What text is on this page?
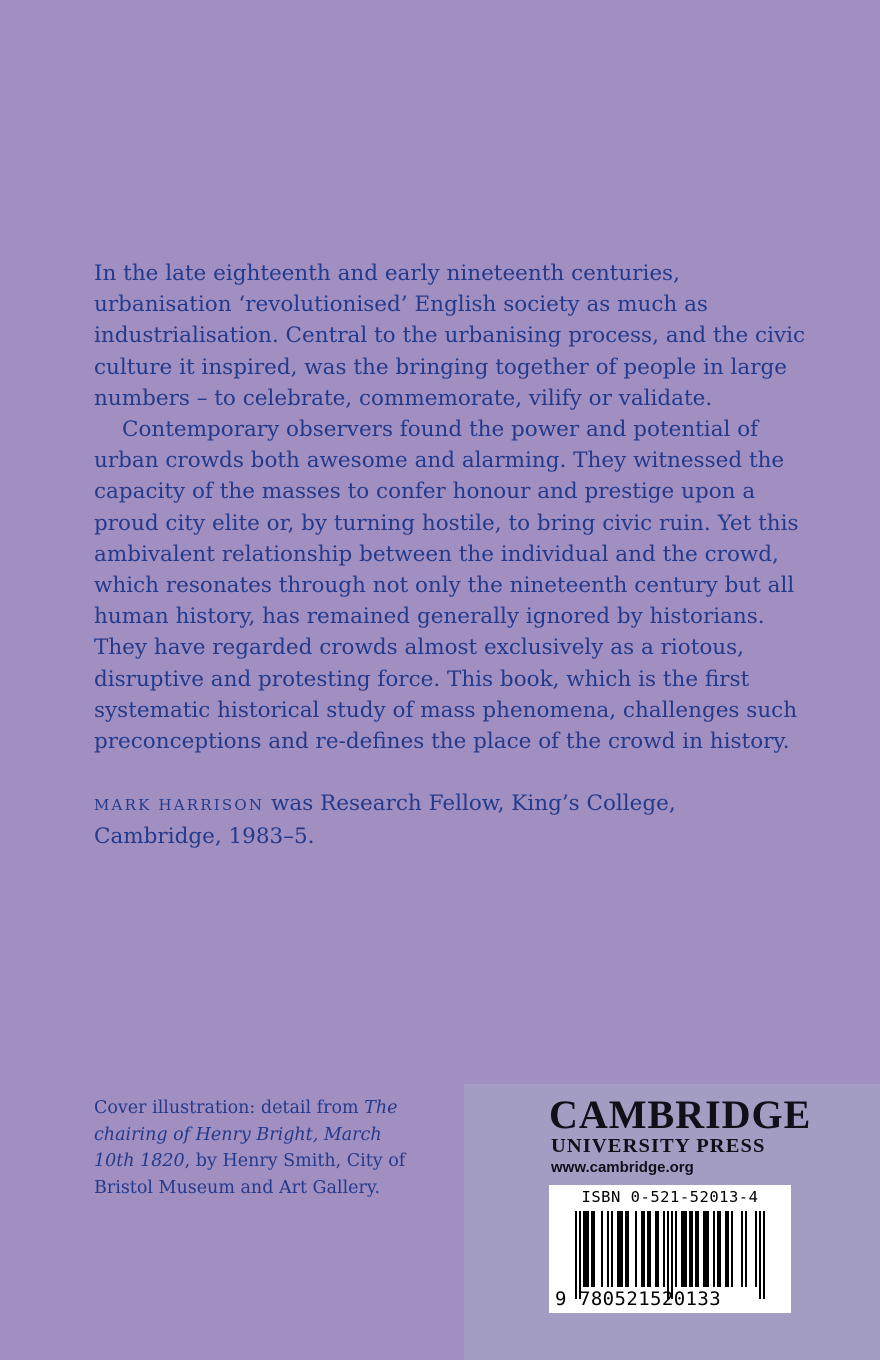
In the late eighteenth and early nineteenth centuries, urbanisation ‘revolutionised’ English society as much as industrialisation. Central to the urbanising process, and the civic culture it inspired, was the bringing together of people in large numbers – to celebrate, commemorate, vilify or validate.

Contemporary observers found the power and potential of urban crowds both awesome and alarming. They witnessed the capacity of the masses to confer honour and prestige upon a proud city elite or, by turning hostile, to bring civic ruin. Yet this ambivalent relationship between the individual and the crowd, which resonates through not only the nineteenth century but all human history, has remained generally ignored by historians. They have regarded crowds almost exclusively as a riotous, disruptive and protesting force. This book, which is the first systematic historical study of mass phenomena, challenges such preconceptions and re-defines the place of the crowd in history.

MARK HARRISON was Research Fellow, King’s College, Cambridge, 1983–5.

Cover illustration: detail from The chairing of Henry Bright, March 10th 1820, by Henry Smith, City of Bristol Museum and Art Gallery.

CAMBRIDGE

UNIVERSITY PRESS

www.cambridge.org

ISBN 0-521-52013-4

9 780521520133
